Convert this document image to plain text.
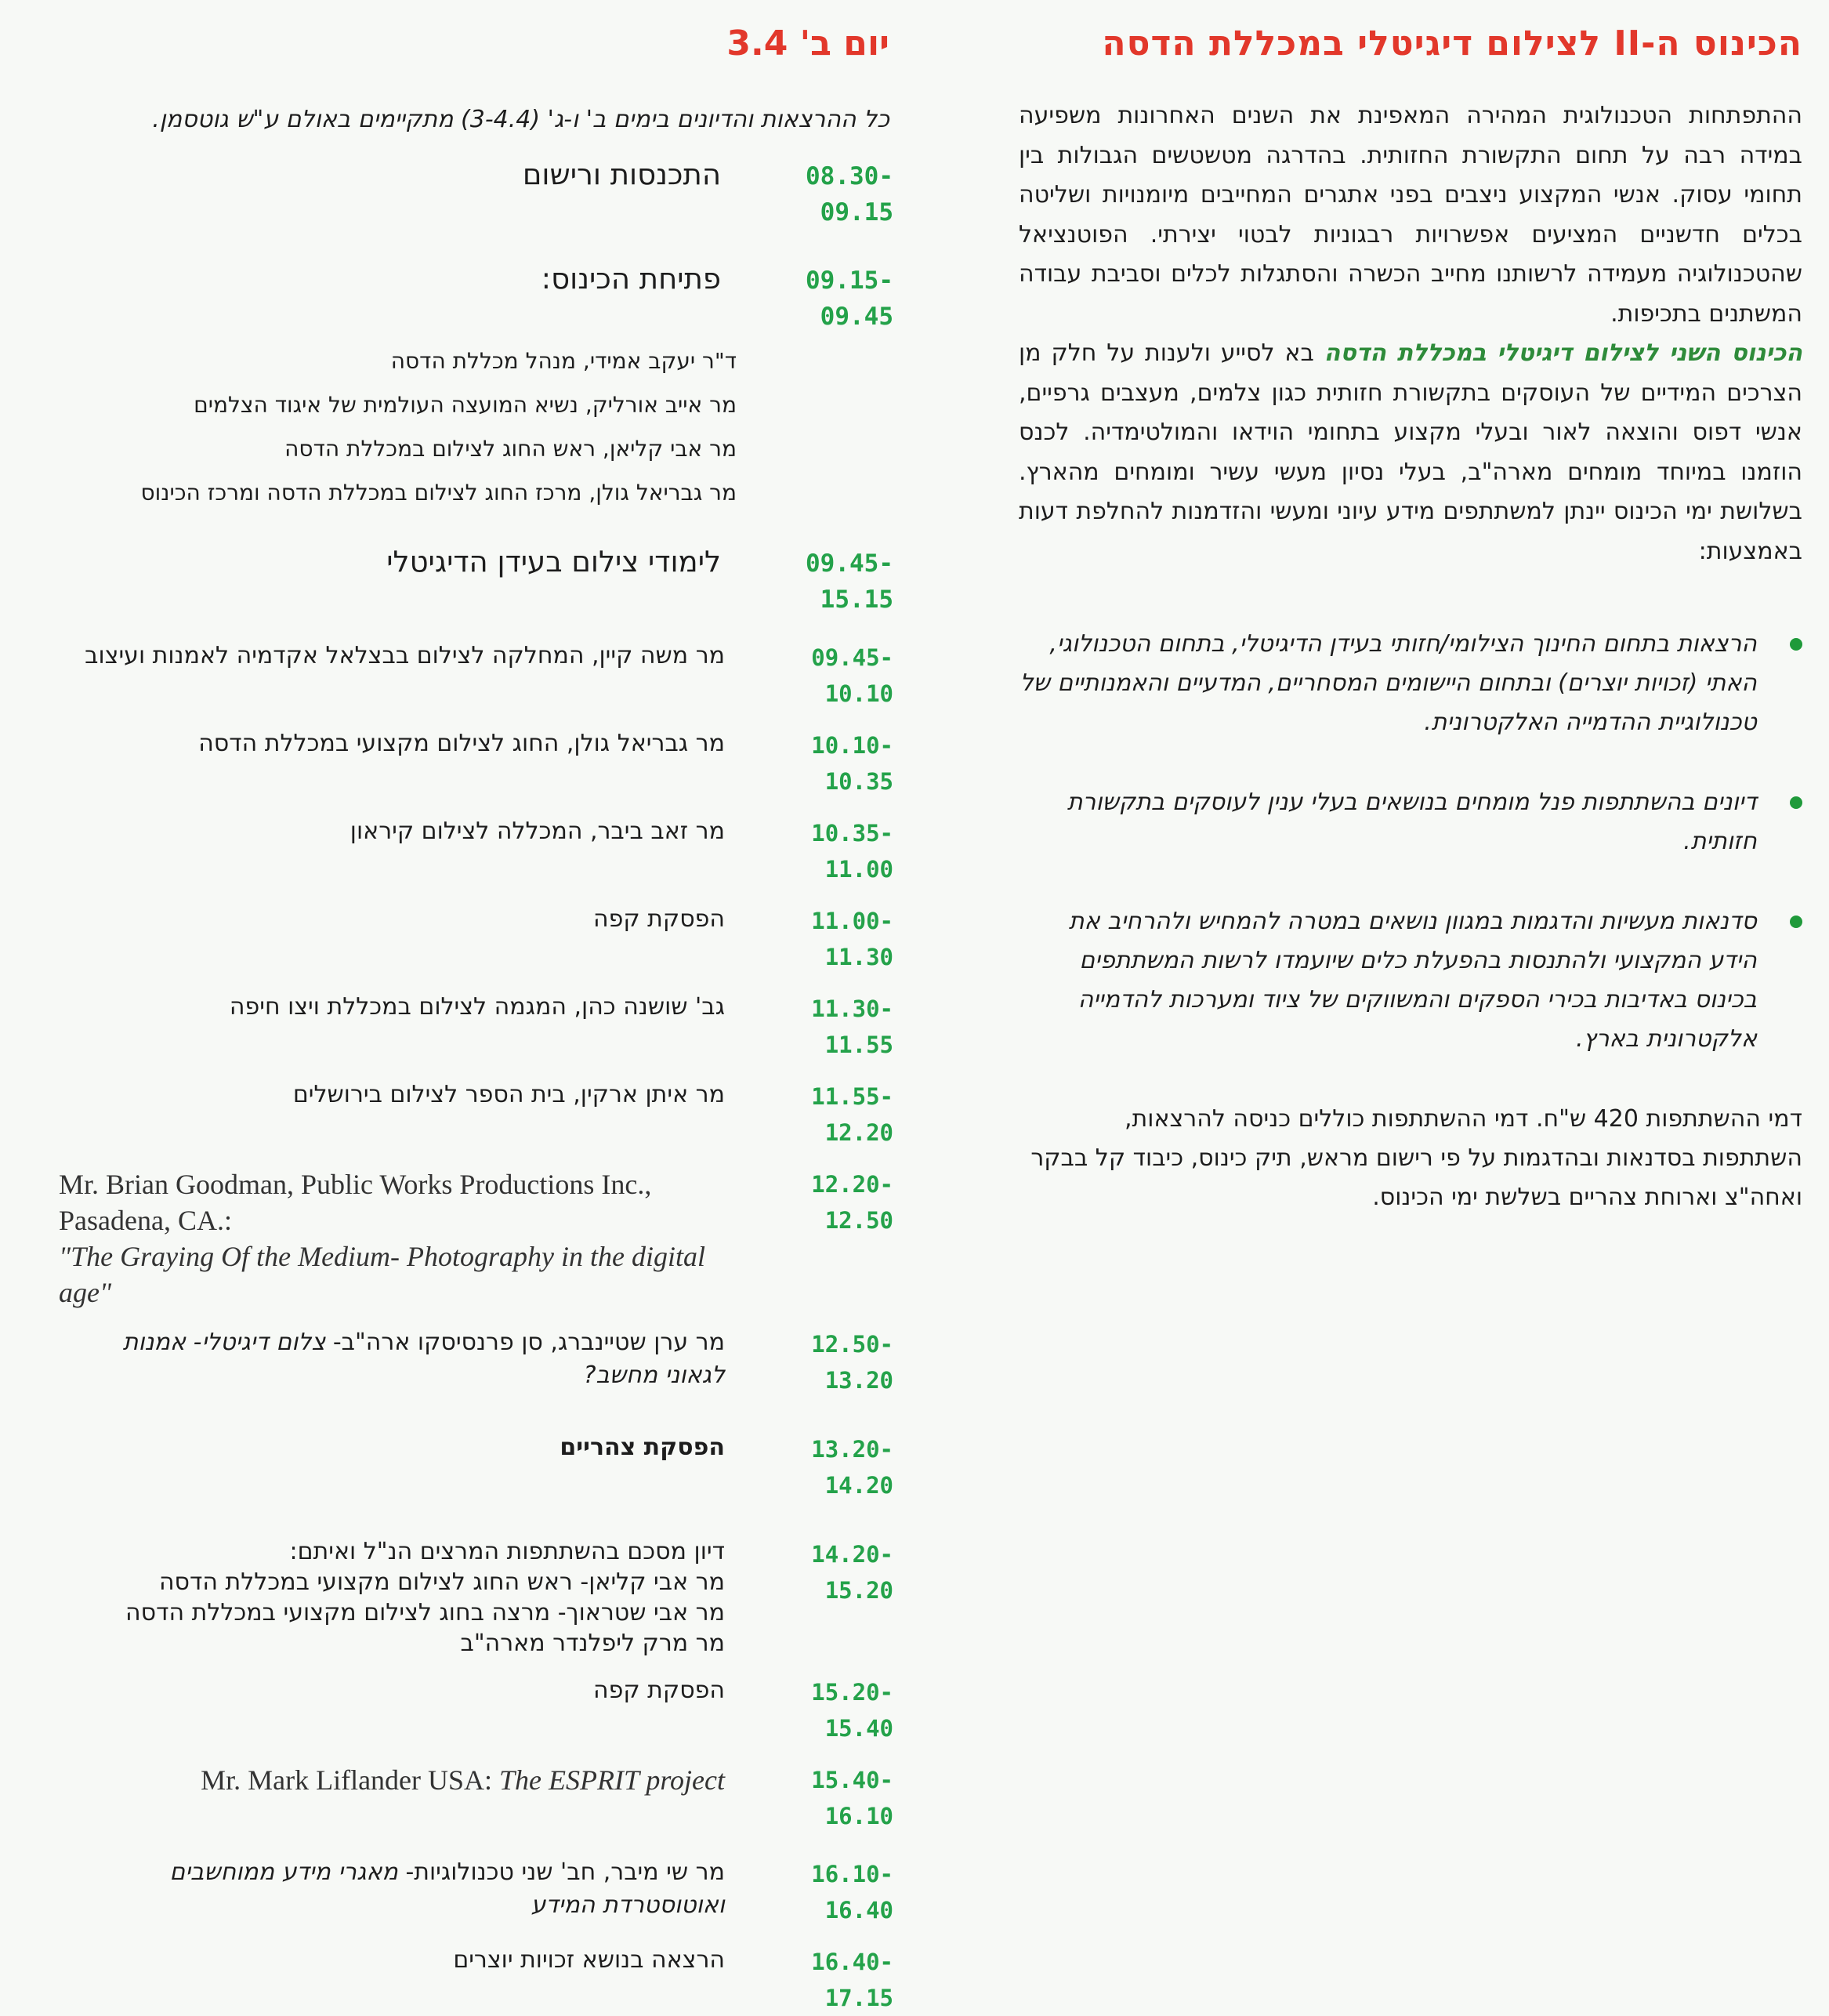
הכינוס ה-II לצילום דיגיטלי במכללת הדסה

ההתפתחות הטכנולוגית המהירה המאפינת את השנים האחרונות משפיעה במידה רבה על תחום התקשורת החזותית. בהדרגה מטשטשים הגבולות בין תחומי עסוק. אנשי המקצוע ניצבים בפני אתגרים המחייבים מיומנויות ושליטה בכלים חדשניים המציעים אפשרויות רבגוניות לבטוי יצירתי. הפוטנציאל שהטכנולוגיה מעמידה לרשותנו מחייב הכשרה והסתגלות לכלים וסביבת עבודה המשתנים בתכיפות.

הכינוס השני לצילום דיגיטלי במכללת הדסה בא לסייע ולענות על חלק מן הצרכים המידיים של העוסקים בתקשורת חזותית כגון צלמים, מעצבים גרפיים, אנשי דפוס והוצאה לאור ובעלי מקצוע בתחומי הוידאו והמולטימדיה. לכנס הוזמנו במיוחד מומחים מארה"ב, בעלי נסיון מעשי עשיר ומומחים מהארץ. בשלושת ימי הכינוס יינתן למשתתפים מידע עיוני ומעשי והזדמנות להחלפת דעות באמצעות:

הרצאות בתחום החינוך הצילומי/חזותי בעידן הדיגיטלי, בתחום הטכנולוגי, האתי (זכויות יוצרים) ובתחום היישומים המסחריים, המדעיים והאמנותיים של טכנולוגיית ההדמייה האלקטרונית.
דיונים בהשתתפות פנל מומחים בנושאים בעלי ענין לעוסקים בתקשורת חזותית.
סדנאות מעשיות והדגמות במגוון נושאים במטרה להמחיש ולהרחיב את הידע המקצועי ולהתנסות בהפעלת כלים שיועמדו לרשות המשתתפים בכינוס באדיבות בכירי הספקים והמשווקים של ציוד ומערכות להדמייה אלקטרונית בארץ.

דמי ההשתתפות 420 ש"ח. דמי ההשתתפות כוללים כניסה להרצאות, השתתפות בסדנאות ובהדגמות על פי רישום מראש, תיק כינוס, כיבוד קל בבקר ואחה"צ וארוחת צהריים בשלשת ימי הכינוס.

יום ב' 3.4

כל ההרצאות והדיונים בימים ב' ו-ג' (3-4.4) מתקיימים באולם ע"ש גוטסמן.

08.30-09.15
התכנסות ורישום
09.15-09.45
פתיחת הכינוס:
ד"ר יעקב אמידי, מנהל מכללת הדסה
מר אייב אורליק, נשיא המועצה העולמית של איגוד הצלמים
מר אבי קליאן, ראש החוג לצילום במכללת הדסה
מר גבריאל גולן, מרכז החוג לצילום במכללת הדסה ומרכז הכינוס
09.45-15.15
לימודי צילום בעידן הדיגיטלי
09.45-10.10
מר משה קיין, המחלקה לצילום בבצלאל אקדמיה לאמנות ועיצוב
10.10-10.35
מר גבריאל גולן, החוג לצילום מקצועי במכללת הדסה
10.35-11.00
מר זאב ביבר, המכללה לצילום קיראון
11.00-11.30
הפסקת קפה
11.30-11.55
גב' שושנה כהן, המגמה לצילום במכללת ויצו חיפה
11.55-12.20
מר איתן ארקין, בית הספר לצילום בירושלים
12.20-12.50
Mr. Brian Goodman, Public Works Productions Inc., Pasadena, CA.:
"The Graying Of the Medium- Photography in the digital age"
12.50-13.20
מר ערן שטיינברג, סן פרנסיסקו ארה"ב- צלום דיגיטלי- אמנות לגאוני מחשב?
13.20-14.20
הפסקת צהריים
14.20-15.20
דיון מסכם בהשתתפות המרצים הנ"ל ואיתם:
מר אבי קליאן- ראש החוג לצילום מקצועי במכללת הדסה
מר אבי שטראוך- מרצה בחוג לצילום מקצועי במכללת הדסה
מר מרק ליפלנדר מארה"ב
15.20-15.40
הפסקת קפה
15.40-16.10
Mr. Mark Liflander USA: The ESPRIT project
16.10-16.40
מר שי מיבר, חב' שני טכנולוגיות- מאגרי מידע ממוחשבים ואוטוסטרדת המידע
16.40-17.15
הרצאה בנושא זכויות יוצרים
